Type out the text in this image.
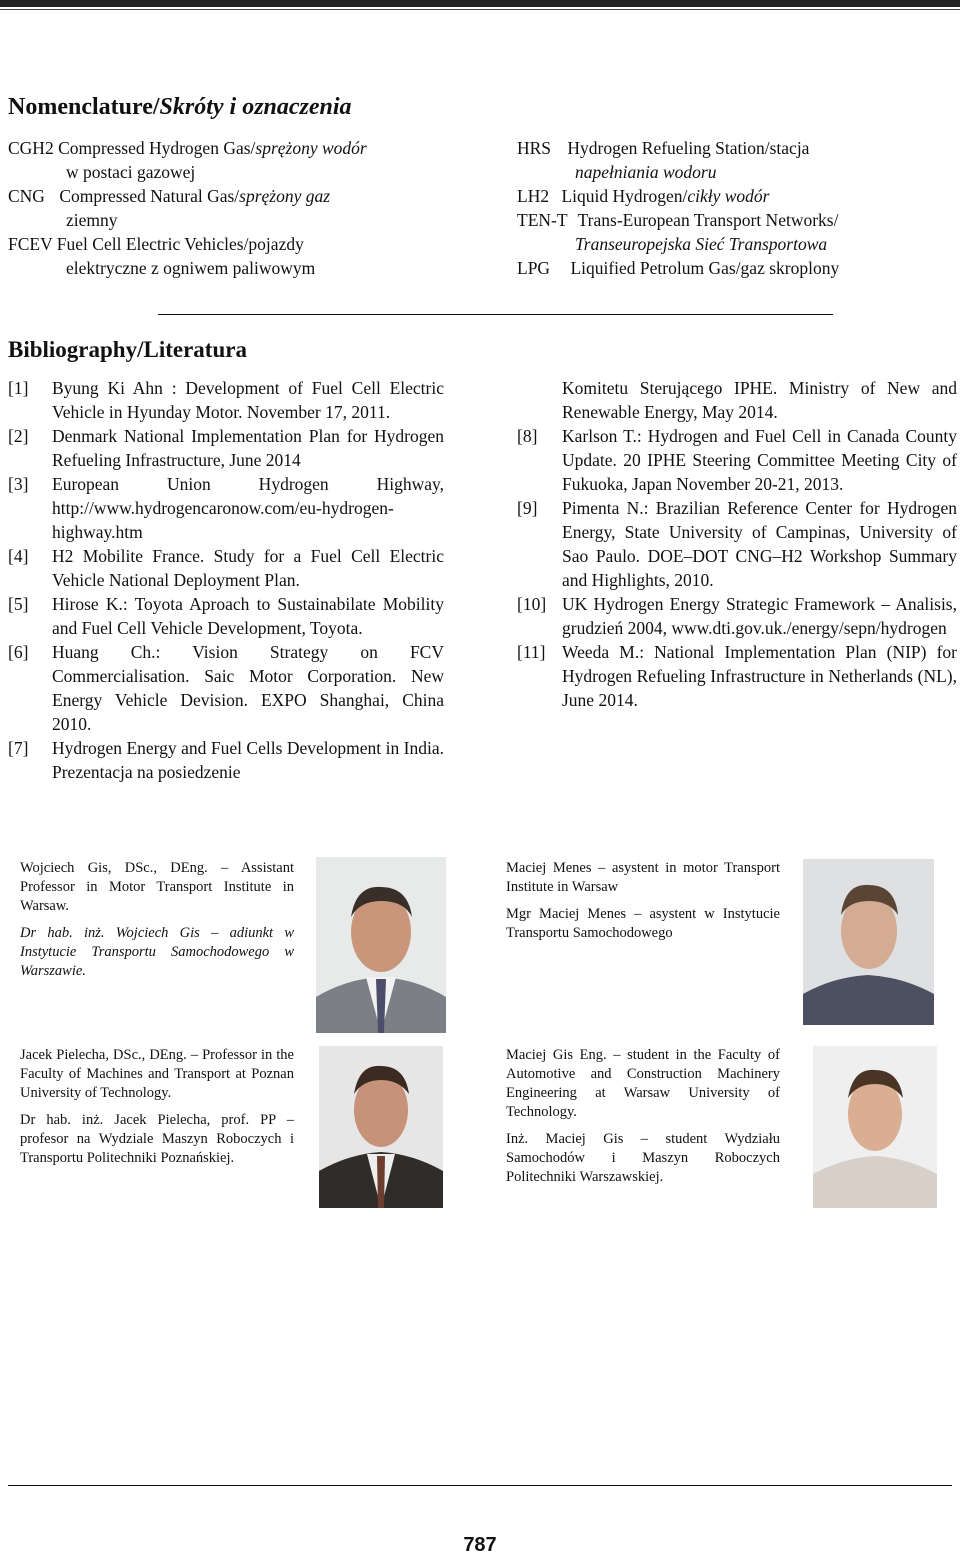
Nomenclature/Skróty i oznaczenia
CGH2 Compressed Hydrogen Gas/sprężony wodór
w postaci gazowej
CNG Compressed Natural Gas/sprężony gaz
ziemny
FCEV Fuel Cell Electric Vehicles/pojazdy
elektryczne z ogniwem paliwowym
HRS Hydrogen Refueling Station/stacja
napełniania wodoru
LH2 Liquid Hydrogen/cikły wodór
TEN-T Trans-European Transport Networks/
Transeuropejska Sieć Transportowa
LPG Liquified Petrolum Gas/gaz skroplony
Bibliography/Literatura
[1]	Byung Ki Ahn : Development of Fuel Cell Electric Vehicle in Hyunday Motor. November 17, 2011.
[2]	Denmark National Implementation Plan for Hydrogen Refueling Infrastructure, June 2014
[3]	European Union Hydrogen Highway, http://www.hydrogencaronow.com/eu-hydrogen- highway.htm
[4]	H2 Mobilite France. Study for a Fuel Cell Electric Vehicle National Deployment Plan.
[5]	Hirose K.: Toyota Aproach to Sustainabilate Mobility and Fuel Cell Vehicle Development, Toyota.
[6]	Huang Ch.: Vision Strategy on FCV Commercialisation. Saic Motor Corporation. New Energy Vehicle Devision. EXPO Shanghai, China 2010.
[7]	Hydrogen Energy and Fuel Cells Development in India. Prezentacja na posiedzenie
Komitetu Sterującego IPHE. Ministry of New and Renewable Energy, May 2014.
[8]	Karlson T.: Hydrogen and Fuel Cell in Canada County Update. 20 IPHE Steering Committee Meeting City of Fukuoka, Japan November 20-21, 2013.
[9]	Pimenta N.: Brazilian Reference Center for Hydrogen Energy, State University of Campinas, University of Sao Paulo. DOE–DOT CNG–H2 Workshop Summary and Highlights, 2010.
[10] UK Hydrogen Energy Strategic Framework – Analisis, grudzień 2004, www.dti.gov.uk./energy/sepn/hydrogen
[11] Weeda M.: National Implementation Plan (NIP) for Hydrogen Refueling Infrastructure in Netherlands (NL), June 2014.

Wojciech Gis, DSc., DEng. – Assistant Professor in Motor Transport Institute in Warsaw.

Dr hab. inż. Wojciech Gis – adiunkt w Instytucie Transportu Samochodowego w Warszawie.

Maciej Menes – asystent in motor Transport Institute in Warsaw

Mgr Maciej Menes – asystent w Instytucie Transportu Samochodowego

Jacek Pielecha, DSc., DEng. – Professor in the Faculty of Machines and Transport at Poznan University of Technology.

Dr hab. inż. Jacek Pielecha, prof. PP – profesor na Wydziale Maszyn Roboczych i Transportu Politechniki Poznańskiej.

Maciej Gis Eng. – student in the Faculty of Automotive and Construction Machinery Engineering at Warsaw University of Technology.

Inż. Maciej Gis – student Wydziału Samochodów i Maszyn Roboczych Politechniki Warszawskiej.

787
